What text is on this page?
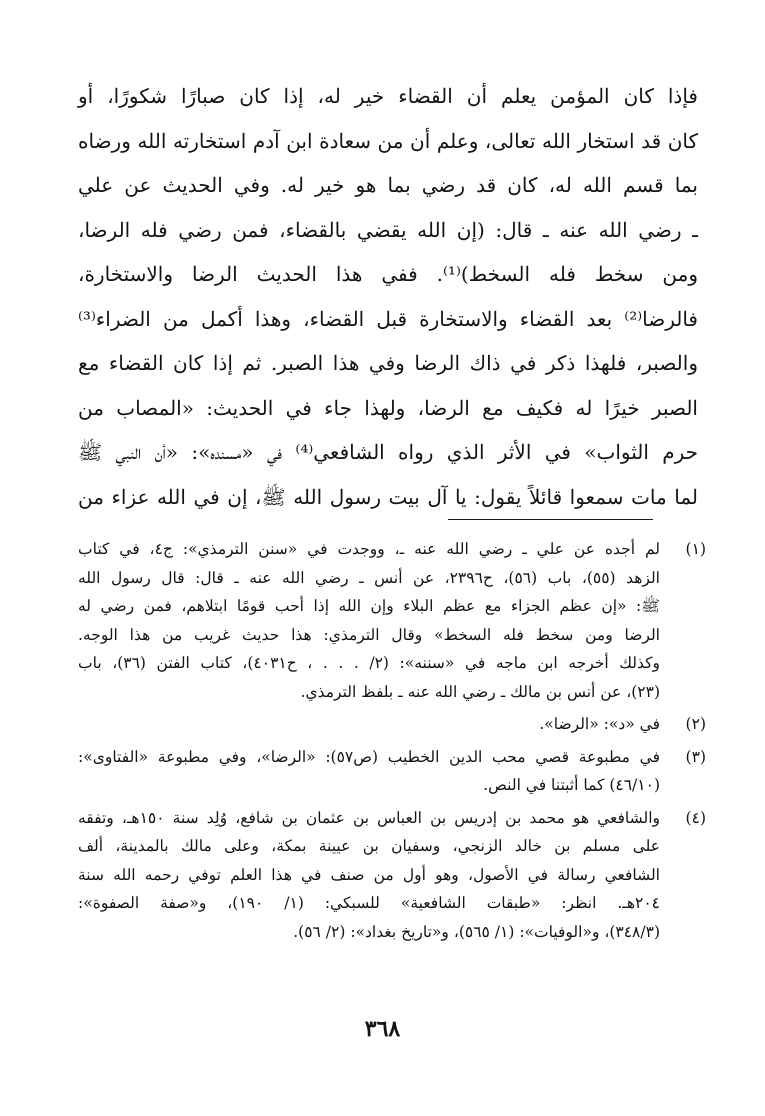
فإذا كان المؤمن يعلم أن القضاء خير له، إذا كان صبارًا شكورًا، أو
كان قد استخار الله تعالى، وعلم أن من سعادة ابن آدم استخارته الله ورضاه
بما قسم الله له، كان قد رضي بما هو خير له. وفي الحديث عن علي
ـ رضي الله عنه ـ قال: (إن الله يقضي بالقضاء، فمن رضي فله الرضا،
ومن سخط فله السخط)⁽¹⁾. ففي هذا الحديث الرضا والاستخارة،
فالرضا⁽²⁾ بعد القضاء والاستخارة قبل القضاء، وهذا أكمل من الضراء⁽³⁾
والصبر، فلهذا ذكر في ذاك الرضا وفي هذا الصبر. ثم إذا كان القضاء مع
الصبر خيرًا له فكيف مع الرضا، ولهذا جاء في الحديث: «المصاب من
حرم الثواب» في الأثر الذي رواه الشافعي⁽⁴⁾ في «مسنده»: «أن النبي ﷺ
لما مات سمعوا قائلاً يقول: يا آل بيت رسول الله ﷺ، إن في الله عزاء من
(١)
لم أجده عن علي ـ رضي الله عنه ـ، ووجدت في «سنن الترمذي»: ج٤، في كتاب
الزهد (٥٥)، باب (٥٦)، ح٢٣٩٦، عن أنس ـ رضي الله عنه ـ قال: قال رسول الله
ﷺ: «إن عظم الجزاء مع عظم البلاء وإن الله إذا أحب قومًا ابتلاهم، فمن رضي له
الرضا ومن سخط فله السخط» وقال الترمذي: هذا حديث غريب من هذا الوجه.
وكذلك أخرجه ابن ماجه في «سننه»: (٢/ . . . ، ح٤٠٣١)، كتاب الفتن (٣٦)، باب
(٢٣)، عن أنس بن مالك ـ رضي الله عنه ـ بلفظ الترمذي.
(٢)
في «د»: «الرضا».
(٣)
في مطبوعة قصي محب الدين الخطيب (ص٥٧): «الرضا»، وفي مطبوعة «الفتاوى»:
(٤٦/١٠) كما أثبتنا في النص.
(٤)
والشافعي هو محمد بن إدريس بن العباس بن عثمان بن شافع، وُلِد سنة ١٥٠هـ، وتفقه
على مسلم بن خالد الزنجي، وسفيان بن عيينة بمكة، وعلى مالك بالمدينة، ألف
الشافعي رسالة في الأصول، وهو أول من صنف في هذا العلم توفي رحمه الله سنة
٢٠٤هـ. انظر: «طبقات الشافعية» للسبكي: (١/ ١٩٠)، و«صفة الصفوة»:
(٣٤٨/٣)، و«الوفيات»: (١/ ٥٦٥)، و«تاريخ بغداد»: (٢/ ٥٦).
٣٦٨
